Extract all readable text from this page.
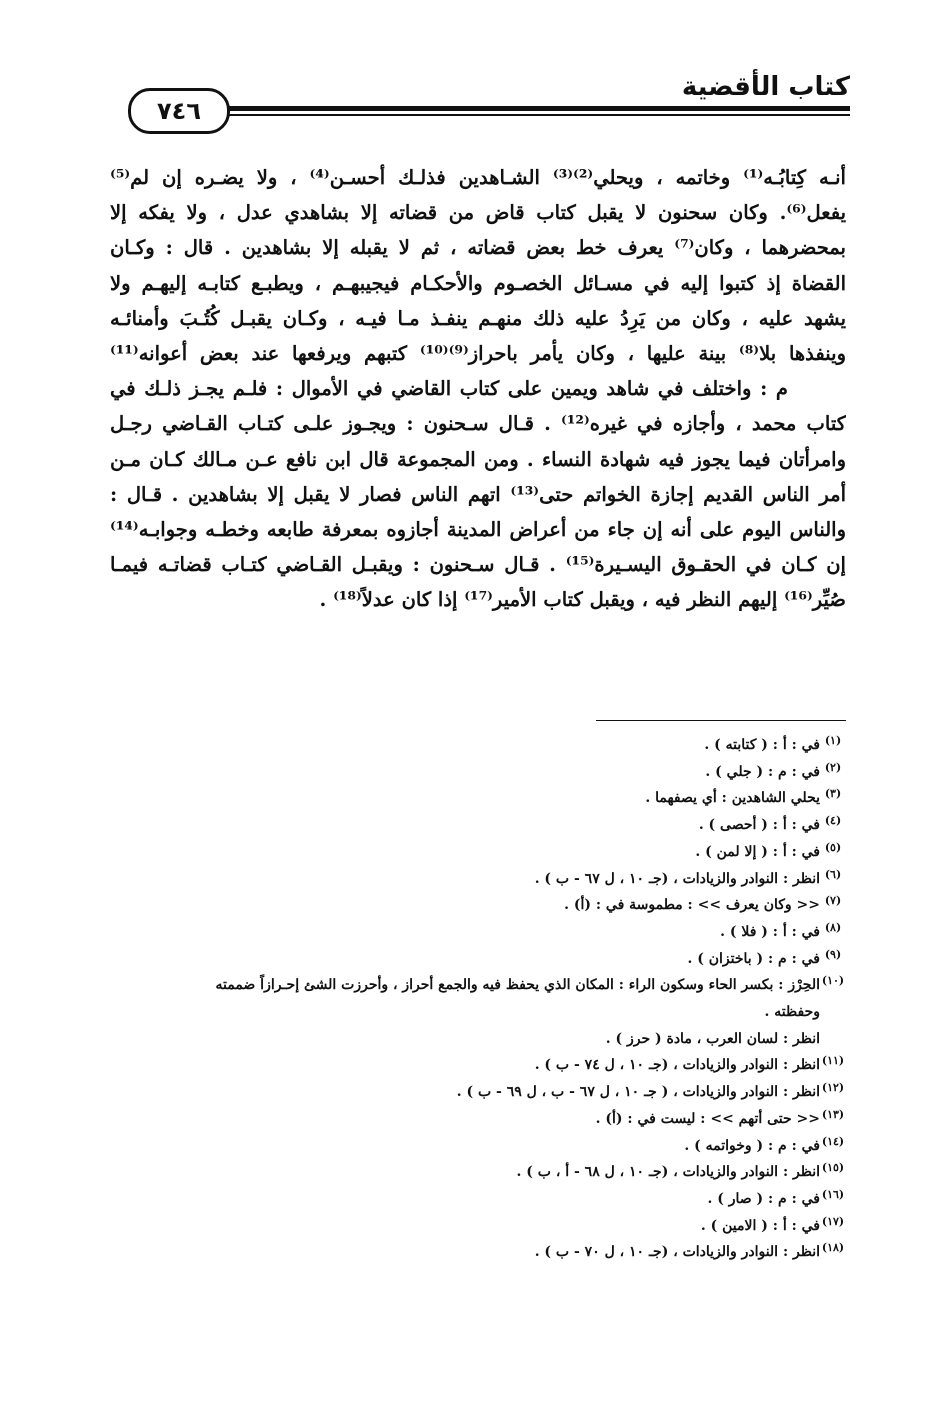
كتاب الأقضية
٧٤٦
أنـه كِتابُـه⁽¹⁾ وخاتمه ، ويحلي⁽²⁾⁽³⁾ الشـاهدين فذلـك أحسـن⁽⁴⁾ ، ولا يضـره إن لم⁽⁵⁾
يفعل⁽⁶⁾. وكان سحنون لا يقبل كتاب قاض من قضاته إلا بشاهدي عدل ، ولا يفكه إلا
بمحضرهما ، وكان⁽⁷⁾ يعرف خط بعض قضاته ، ثم لا يقبله إلا بشاهدين . قال : وكـان
القضاة إذ كتبوا إليه في مسـائل الخصـوم والأحكـام فيجيبهـم ، ويطبـع كتابـه إليهـم ولا
يشهد عليه ، وكان من يَرِدُ عليه ذلك منهـم ينفـذ مـا فيـه ، وكـان يقبـل كُتُـبَ وأمنائـه
وينفذها بلا⁽⁸⁾ بينة عليها ، وكان يأمر باحراز⁽⁹⁾⁽¹⁰⁾ كتبهم ويرفعها عند بعض أعوانه⁽¹¹⁾
م : واختلف في شاهد ويمين على كتاب القاضي في الأموال : فلـم يجـز ذلـك في
كتاب محمد ، وأجازه في غيره⁽¹²⁾ . قـال سـحنون : ويجـوز علـى كتـاب القـاضي رجـل
وامرأتان فيما يجوز فيه شهادة النساء . ومن المجموعة قال ابن نافع عـن مـالك كـان مـن
أمر الناس القديم إجازة الخواتم حتى⁽¹³⁾ اتهم الناس فصار لا يقبل إلا بشاهدين . قـال :
والناس اليوم على أنه إن جاء من أعراض المدينة أجازوه بمعرفة طابعه وخطـه وجوابـه⁽¹⁴⁾
إن كـان في الحقـوق اليسـيرة⁽¹⁵⁾ . قـال سـحنون : ويقبـل القـاضي كتـاب قضاتـه فيمـا
صُيِّر⁽¹⁶⁾ إليهم النظر فيه ، ويقبل كتاب الأمير⁽¹⁷⁾ إذا كان عدلاً⁽¹⁸⁾ .
(١)
في : أ : ( كتابته ) .
(٢)
في : م : ( جلي ) .
(٣)
يحلي الشاهدين : أي يصفهما .
(٤)
في : أ : ( أحصى ) .
(٥)
في : أ : ( إلا لمن ) .
(٦)
انظر : النوادر والزيادات ، (جـ ١٠ ، ل ٦٧ - ب ) .
(٧)
<< وكان يعرف >> : مطموسة في : (أ) .
(٨)
في : أ : ( فلا ) .
(٩)
في : م : ( باختزان ) .
(١٠)
الحِرْز : بكسر الحاء وسكون الراء : المكان الذي يحفظ فيه والجمع أحراز ، وأحرزت الشئ إحـرازاً ضممته
وحفظته .
انظر : لسان العرب ، مادة ( حرز ) .
(١١)
انظر : النوادر والزيادات ، (جـ ١٠ ، ل ٧٤ - ب ) .
(١٢)
انظر : النوادر والزيادات ، ( جـ ١٠ ، ل ٦٧ - ب ، ل ٦٩ - ب ) .
(١٣)
<< حتى أتهم >> : ليست في : (أ) .
(١٤)
في : م : ( وخواتمه ) .
(١٥)
انظر : النوادر والزيادات ، (جـ ١٠ ، ل ٦٨ - أ ، ب ) .
(١٦)
في : م : ( صار ) .
(١٧)
في : أ : ( الامين ) .
(١٨)
انظر : النوادر والزيادات ، (جـ ١٠ ، ل ٧٠ - ب ) .
